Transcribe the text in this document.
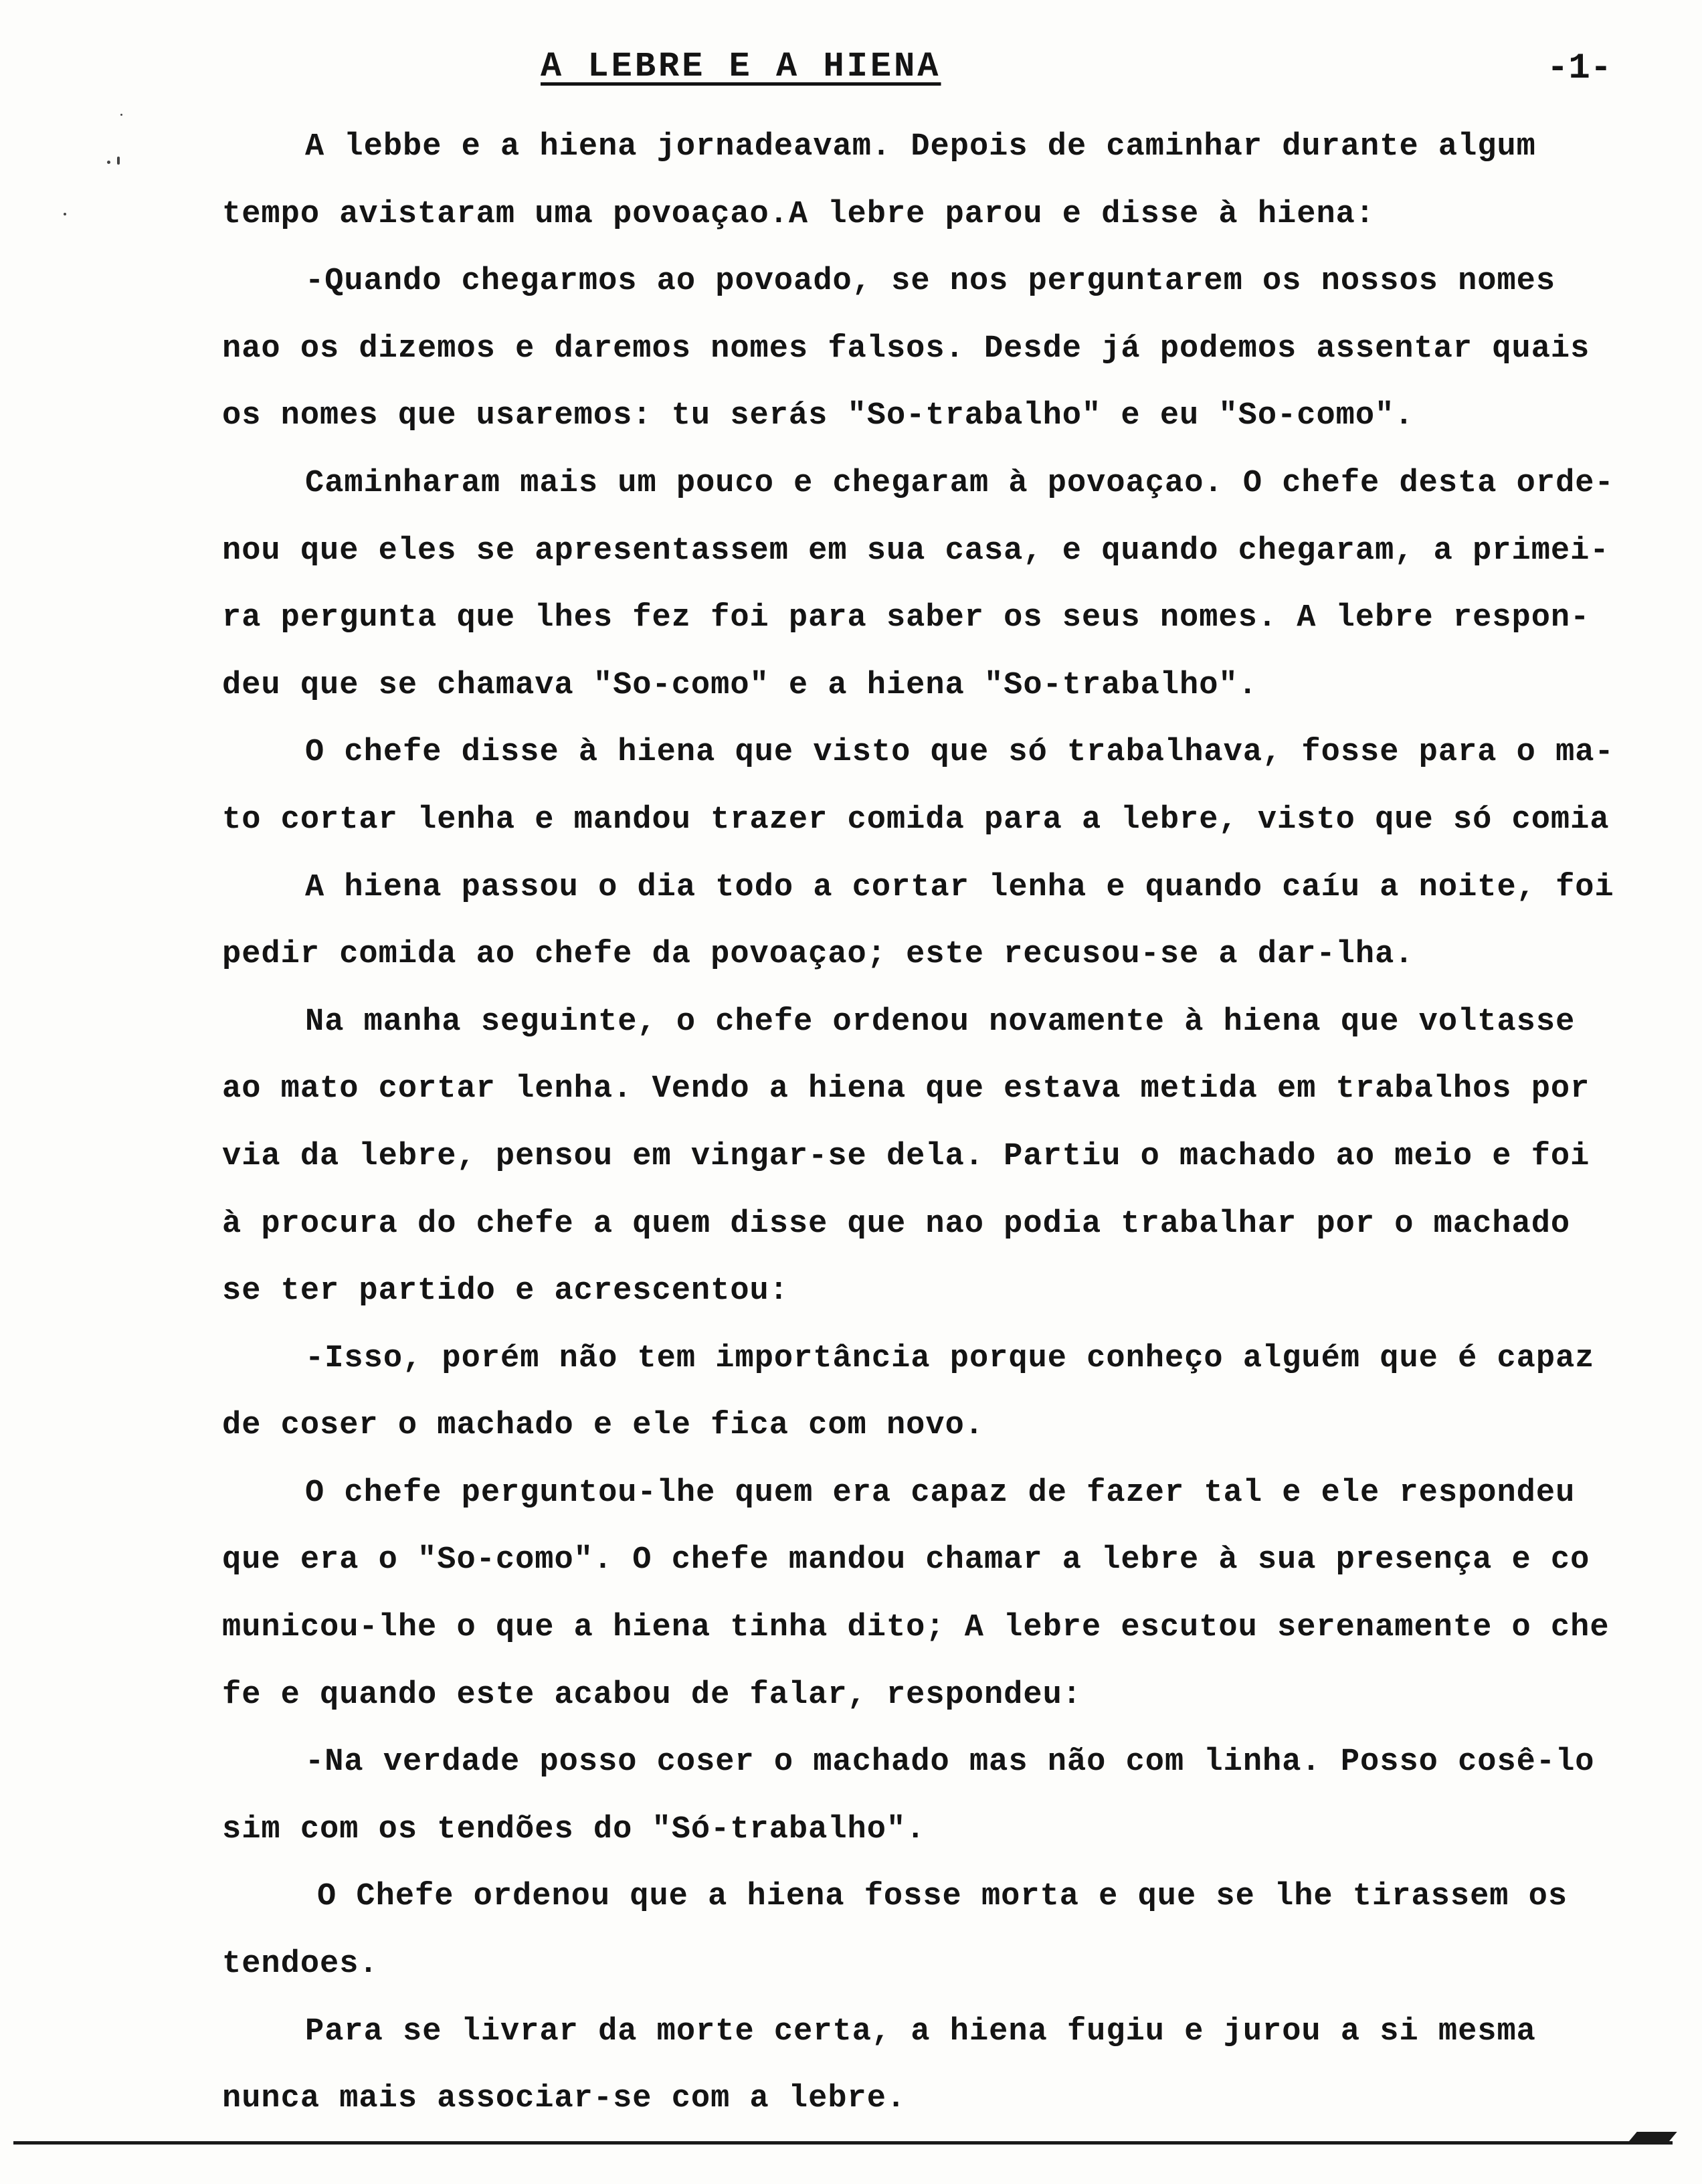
A LEBRE E A HIENA	-1-
A lebbe e a hiena jornadeavam. Depois de caminhar durante algum
tempo avistaram uma povoaçao.A lebre parou e disse à hiena:
-Quando chegarmos ao povoado, se nos perguntarem os nossos nomes
nao os dizemos e daremos nomes falsos. Desde já podemos assentar quais
os nomes que usaremos: tu serás "So-trabalho" e eu "So-como".
Caminharam mais um pouco e chegaram à povoaçao. O chefe desta orde-
nou que eles se apresentassem em sua casa, e quando chegaram, a primei-
ra pergunta que lhes fez foi para saber os seus nomes. A lebre respon-
deu que se chamava "So-como" e a hiena "So-trabalho".
O chefe disse à hiena que visto que só trabalhava, fosse para o ma-
to cortar lenha e mandou trazer comida para a lebre, visto que só comia
A hiena passou o dia todo a cortar lenha e quando caíu a noite, foi
pedir comida ao chefe da povoaçao; este recusou-se a dar-lha.
Na manha seguinte, o chefe ordenou novamente à hiena que voltasse
ao mato cortar lenha. Vendo a hiena que estava metida em trabalhos por
via da lebre, pensou em vingar-se dela. Partiu o machado ao meio e foi
à procura do chefe a quem disse que nao podia trabalhar por o machado
se ter partido e acrescentou:
-Isso, porém não tem importância porque conheço alguém que é capaz
de coser o machado e ele fica com novo.
O chefe perguntou-lhe quem era capaz de fazer tal e ele respondeu
que era o "So-como". O chefe mandou chamar a lebre à sua presença e co
municou-lhe o que a hiena tinha dito; A lebre escutou serenamente o che
fe e quando este acabou de falar, respondeu:
-Na verdade posso coser o machado mas não com linha. Posso cosê-lo
sim com os tendões do "Só-trabalho".
O Chefe ordenou que a hiena fosse morta e que se lhe tirassem os
tendoes.
Para se livrar da morte certa, a hiena fugiu e jurou a si mesma
nunca mais associar-se com a lebre.
